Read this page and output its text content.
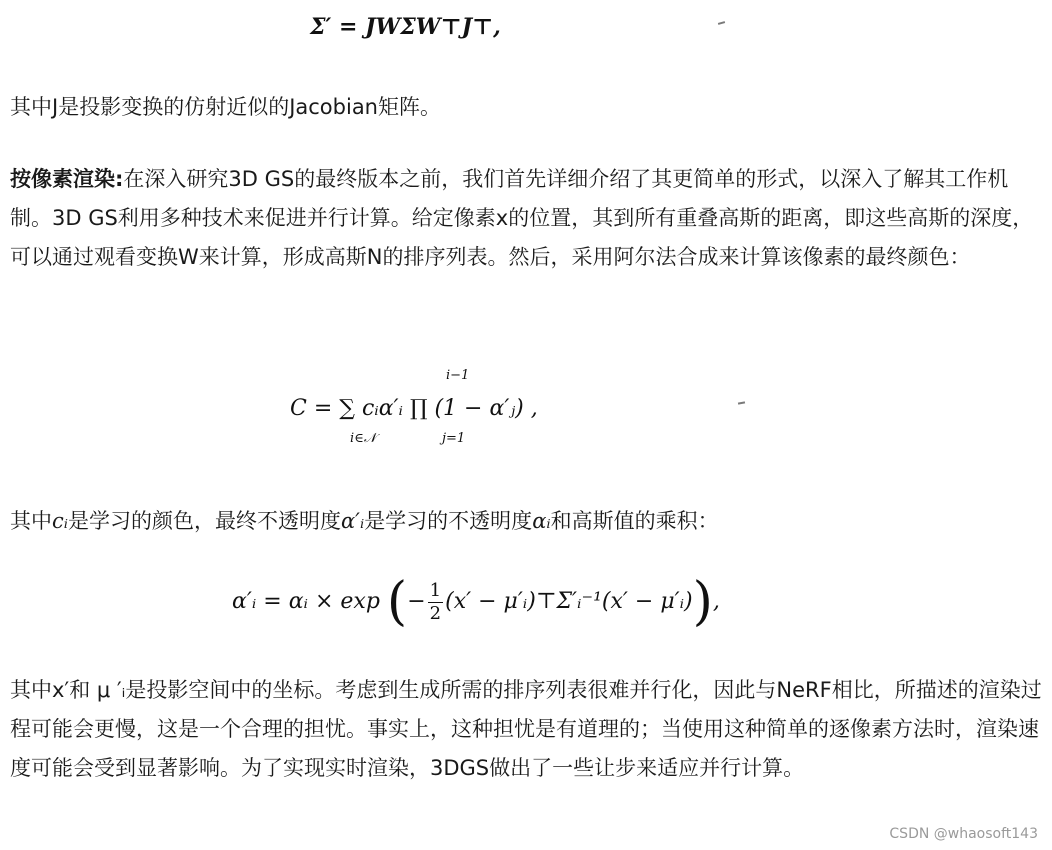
Σ′ = JWΣW⊤J⊤,

其中J是投影变换的仿射近似的Jacobian矩阵。

按像素渲染:在深入研究3D GS的最终版本之前，我们首先详细介绍了其更简单的形式，以深入了解其工作机制。3D GS利用多种技术来促进并行计算。给定像素x的位置，其到所有重叠高斯的距离，即这些高斯的深度，可以通过观看变换W来计算，形成高斯N的排序列表。然后，采用阿尔法合成来计算该像素的最终颜色：

i−1
C = ∑ cᵢα′ᵢ ∏ (1 − α′ⱼ) ,
i∈𝒩	j=1

其中cᵢ是学习的颜色，最终不透明度α′ᵢ是学习的不透明度αᵢ和高斯值的乘积：

α′ᵢ = αᵢ × exp (− $\frac{1}{2} (x'$ − μ′ᵢ)⊤Σ′ᵢ⁻¹(x′ − μ′ᵢ)),

其中x′和 μ ′ᵢ是投影空间中的坐标。考虑到生成所需的排序列表很难并行化，因此与NeRF相比，所描述的渲染过程可能会更慢，这是一个合理的担忧。事实上，这种担忧是有道理的；当使用这种简单的逐像素方法时，渲染速度可能会受到显著影响。为了实现实时渲染，3DGS做出了一些让步来适应并行计算。

CSDN @whaosoft143
